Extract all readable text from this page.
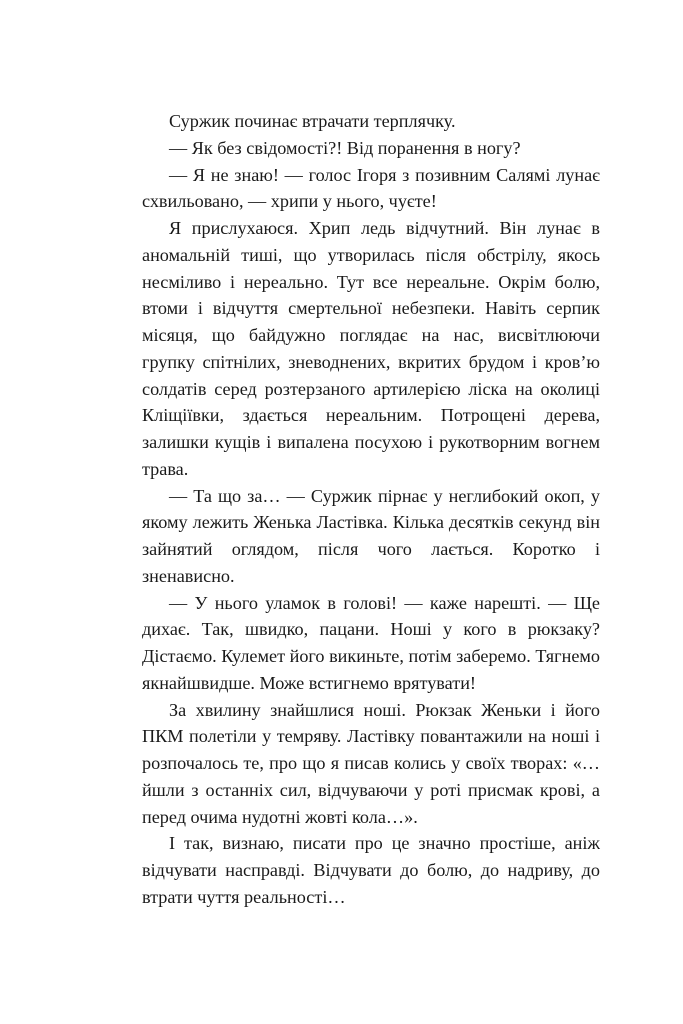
Суржик починає втрачати терплячку.

— Як без свідомості?! Від поранення в ногу?

— Я не знаю! — голос Ігоря з позивним Салямі лунає схвильовано, — хрипи у нього, чуєте!

Я прислухаюся. Хрип ледь відчутний. Він лунає в аномальній тиші, що утворилась після обстрілу, якось несміливо і нереально. Тут все нереальне. Окрім болю, втоми і відчуття смертельної небезпеки. Навіть серпик місяця, що байдужно поглядає на нас, висвітлюючи групку спітнілих, зневоднених, вкритих брудом і кров’ю солдатів серед розтерзаного артилерією ліска на околиці Кліщіївки, здається нереальним. Потрощені дерева, залишки кущів і випалена посухою і рукотворним вогнем трава.

— Та що за… — Суржик пірнає у неглибокий окоп, у якому лежить Женька Ластівка. Кілька десятків секунд він зайнятий оглядом, після чого лається. Коротко і зненависно.

— У нього уламок в голові! — каже нарешті. — Ще дихає. Так, швидко, пацани. Ноші у кого в рюкзаку? Дістаємо. Кулемет його викиньте, потім заберемо. Тягнемо якнайшвидше. Може встигнемо врятувати!

За хвилину знайшлися ноші. Рюкзак Женьки і його ПКМ полетіли у темряву. Ластівку повантажили на ноші і розпочалось те, про що я писав колись у своїх творах: «…йшли з останніх сил, відчуваючи у роті присмак крові, а перед очима нудотні жовті кола…».

І так, визнаю, писати про це значно простіше, аніж відчувати насправді. Відчувати до болю, до надриву, до втрати чуття реальності…
